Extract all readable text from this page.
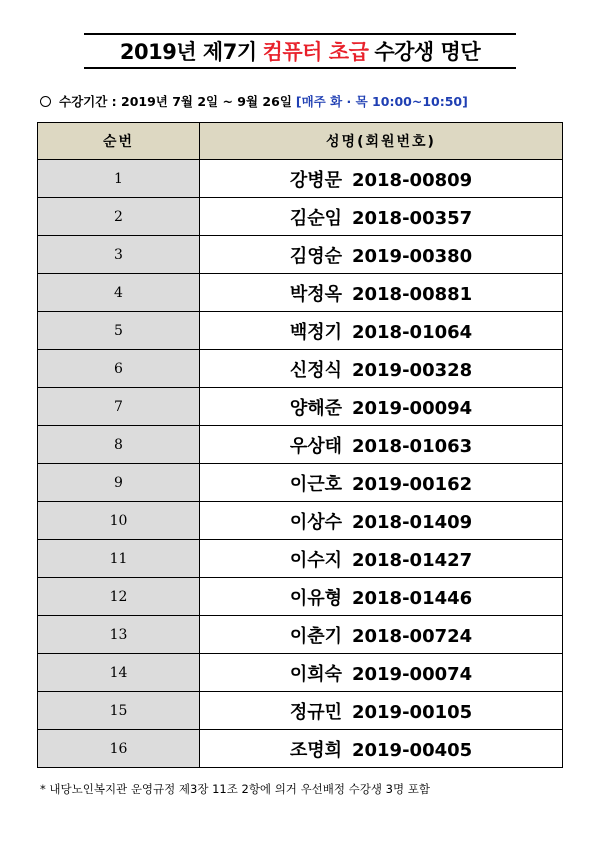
2019년 제7기 컴퓨터 초급 수강생 명단
수강기간 : 2019년 7월 2일 ~ 9월 26일 [매주 화 · 목 10:00~10:50]
순번	성명(회원번호)
1	강병문 2018-00809
2	김순임 2018-00357
3	김영순 2019-00380
4	박정옥 2018-00881
5	백정기 2018-01064
6	신정식 2019-00328
7	양해준 2019-00094
8	우상태 2018-01063
9	이근호 2019-00162
10	이상수 2018-01409
11	이수지 2018-01427
12	이유형 2018-01446
13	이춘기 2018-00724
14	이희숙 2019-00074
15	정규민 2019-00105
16	조명희 2019-00405
* 내당노인복지관 운영규정 제3장 11조 2항에 의거 우선배정 수강생 3명 포함
